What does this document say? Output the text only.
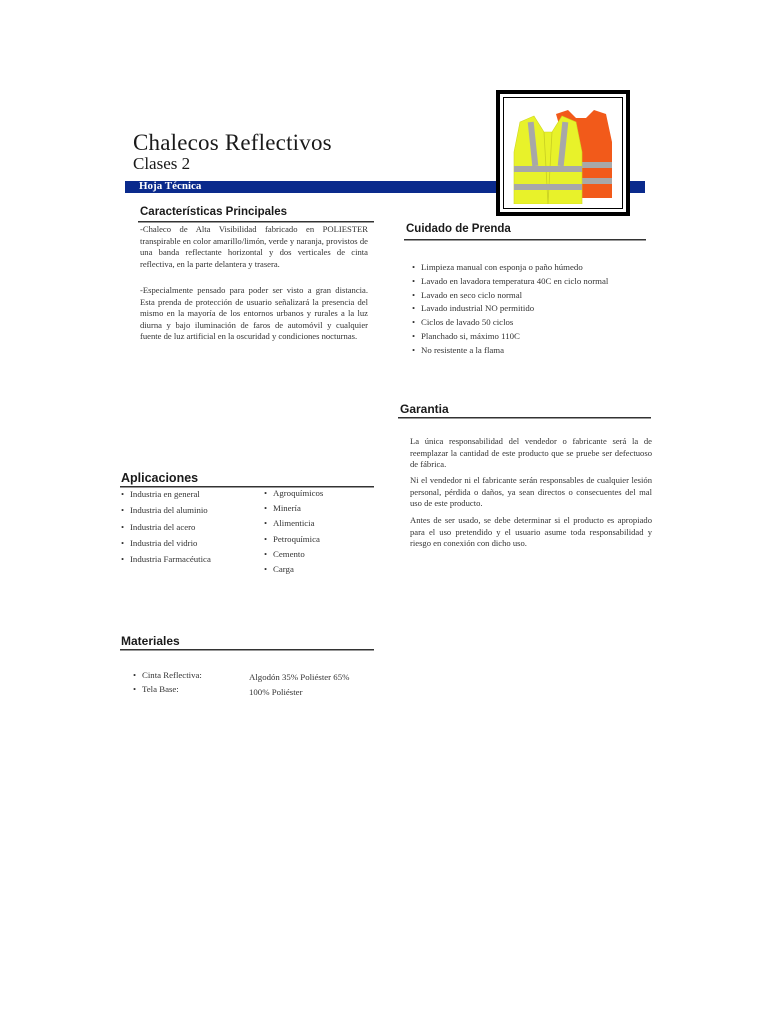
Chalecos Reflectivos
Clases 2
Hoja Técnica
Características Principales
-Chaleco de Alta Visibilidad fabricado en POLIESTER transpirable en color amarillo/limón, verde y naranja, provistos de una banda reflectante horizontal y dos verticales de cinta reflectiva, en la parte delantera y trasera.
-Especialmente pensado para poder ser visto a gran distancia. Esta prenda de protección de usuario señalizará la presencia del mismo en la mayoría de los entornos urbanos y rurales a la luz diurna y bajo iluminación de faros de automóvil y cualquier fuente de luz artificial en la oscuridad y condiciones nocturnas.
Cuidado de Prenda
• Limpieza manual con esponja o paño húmedo
• Lavado en lavadora temperatura 40C en ciclo normal
• Lavado en seco ciclo normal
• Lavado industrial NO permitido
• Ciclos de lavado 50 ciclos
• Planchado si, máximo 110C
• No resistente a la flama
Garantia
La única responsabilidad del vendedor o fabricante será la de reemplazar la cantidad de este producto que se pruebe ser defectuoso de fábrica.
Ni el vendedor ni el fabricante serán responsables de cualquier lesión personal, pérdida o daños, ya sean directos o consecuentes del mal uso de este producto.
Antes de ser usado, se debe determinar si el producto es apropiado para el uso pretendido y el usuario asume toda responsabilidad y riesgo en conexión con dicho uso.
Aplicaciones
• Industria en general
• Industria del aluminio
• Industria del acero
• Industria del vidrio
• Industria Farmacéutica
• Agroquímicos
• Minería
• Alimenticia
• Petroquímica
• Cemento
• Carga
Materiales
• Cinta Reflectiva:
• Tela Base:
Algodón 35% Poliéster 65%
100% Poliéster
